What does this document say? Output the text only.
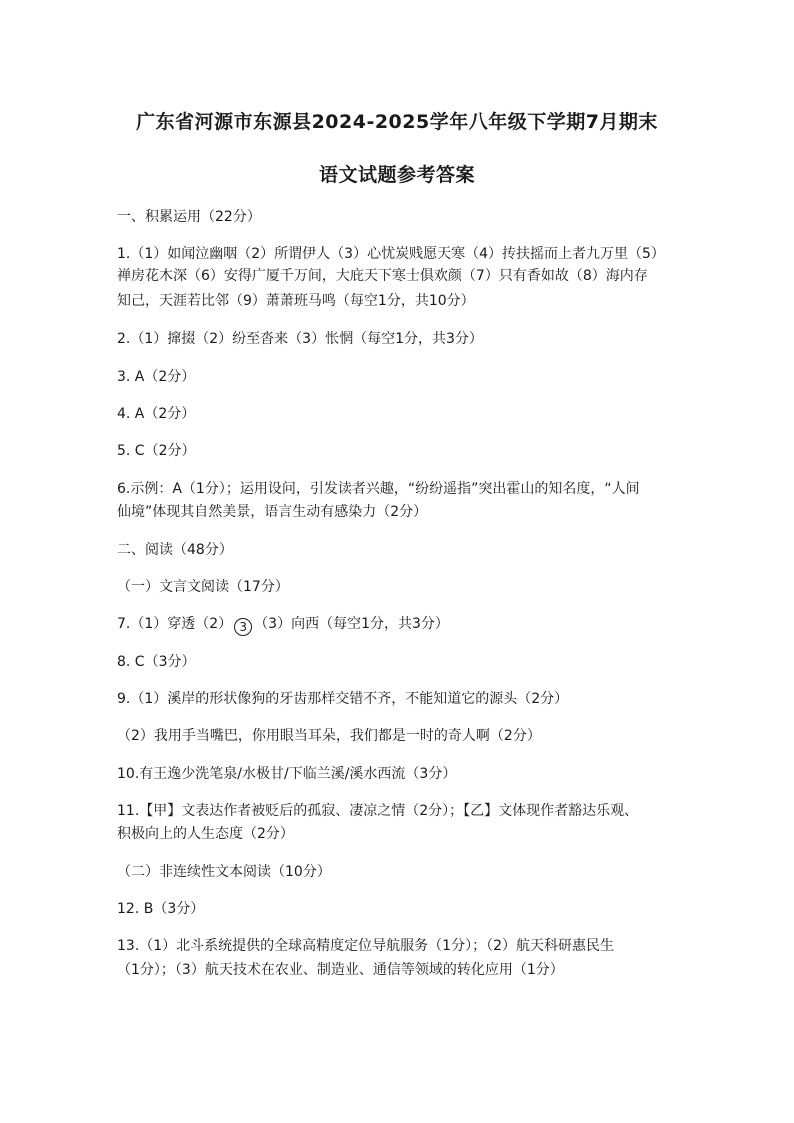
广东省河源市东源县2024-2025学年八年级下学期7月期末
语文试题参考答案
一、积累运用（22分）
1.（1）如闻泣幽咽（2）所谓伊人（3）心忧炭贱愿天寒（4）抟扶摇而上者九万里（5）
禅房花木深（6）安得广厦千万间，大庇天下寒士俱欢颜（7）只有香如故（8）海内存
知己，天涯若比邻（9）萧萧班马鸣（每空1分，共10分）
2.（1）撺掇（2）纷至沓来（3）怅惘（每空1分，共3分）
3. A（2分）
4. A（2分）
5. C（2分）
6.示例：A（1分）；运用设问，引发读者兴趣，“纷纷遥指”突出霍山的知名度，“人间
仙境”体现其自然美景，语言生动有感染力（2分）
二、阅读（48分）
（一）文言文阅读（17分）
7.（1）穿透（2） 3 （3）向西（每空1分，共3分）
8. C（3分）
9.（1）溪岸的形状像狗的牙齿那样交错不齐，不能知道它的源头（2分）
（2）我用手当嘴巴，你用眼当耳朵，我们都是一时的奇人啊（2分）
10.有王逸少洗笔泉/水极甘/下临兰溪/溪水西流（3分）
11.【甲】文表达作者被贬后的孤寂、凄凉之情（2分）；【乙】文体现作者豁达乐观、
积极向上的人生态度（2分）
（二）非连续性文本阅读（10分）
12. B（3分）
13.（1）北斗系统提供的全球高精度定位导航服务（1分）；（2）航天科研惠民生
（1分）；（3）航天技术在农业、制造业、通信等领域的转化应用（1分）
